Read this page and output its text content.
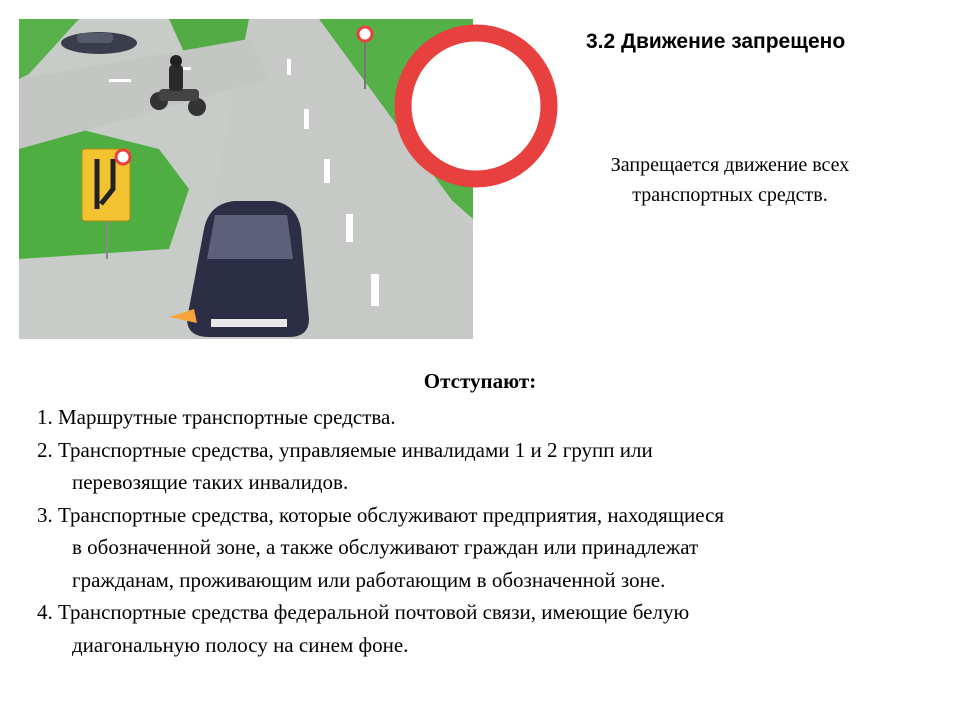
3.2 Движение запрещено

Запрещается движение всех
транспортных средств.

Отступают:
1. Маршрутные транспортные средства.
2. Транспортные средства, управляемые инвалидами 1 и 2 групп или
перевозящие таких инвалидов.
3. Транспортные средства, которые обслуживают предприятия, находящиеся
в обозначенной зоне, а также обслуживают граждан или принадлежат
гражданам, проживающим или работающим в обозначенной зоне.
4. Транспортные средства федеральной почтовой связи, имеющие белую
диагональную полосу на синем фоне.
